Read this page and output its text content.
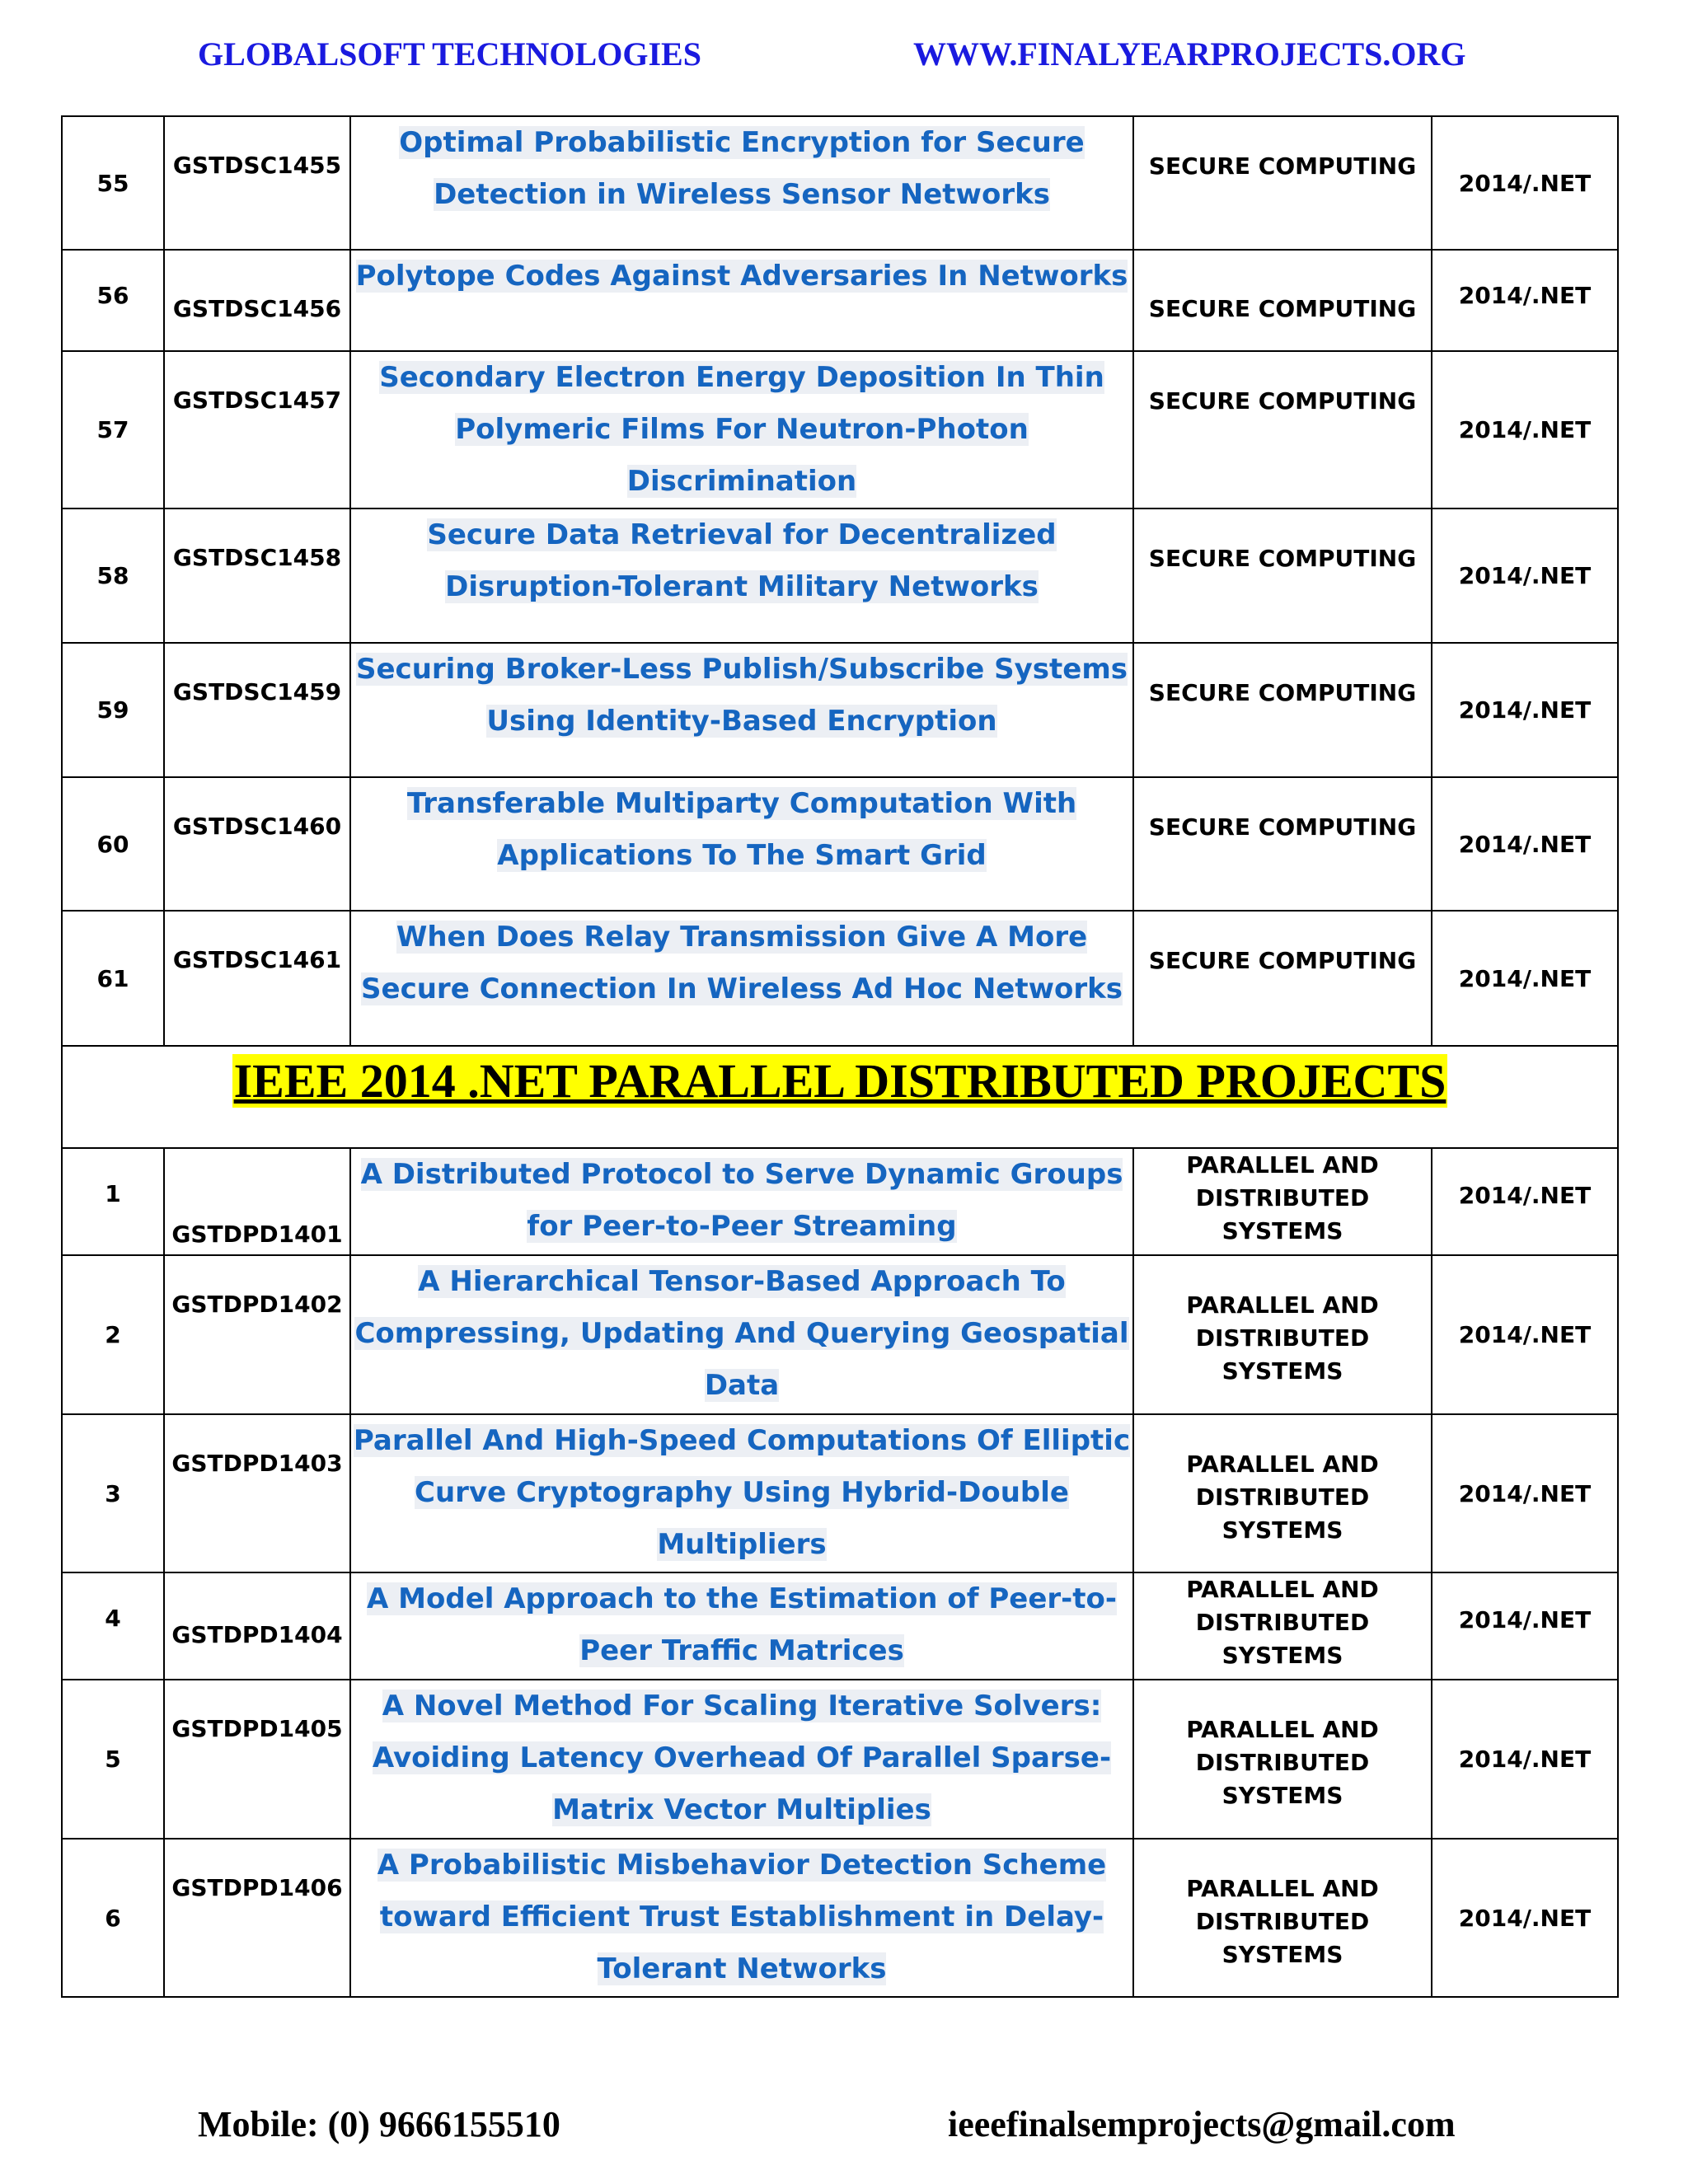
GLOBALSOFT TECHNOLOGIES	WWW.FINALYEARPROJECTS.ORG
55	GSTDSC1455	Optimal Probabilistic Encryption for Secure Detection in Wireless Sensor Networks	SECURE COMPUTING	2014/.NET
56	GSTDSC1456	Polytope Codes Against Adversaries In Networks	SECURE COMPUTING	2014/.NET
57	GSTDSC1457	Secondary Electron Energy Deposition In Thin Polymeric Films For Neutron-Photon Discrimination	SECURE COMPUTING	2014/.NET
58	GSTDSC1458	Secure Data Retrieval for Decentralized Disruption-Tolerant Military Networks	SECURE COMPUTING	2014/.NET
59	GSTDSC1459	Securing Broker-Less Publish/Subscribe Systems Using Identity-Based Encryption	SECURE COMPUTING	2014/.NET
60	GSTDSC1460	Transferable Multiparty Computation With Applications To The Smart Grid	SECURE COMPUTING	2014/.NET
61	GSTDSC1461	When Does Relay Transmission Give A More Secure Connection In Wireless Ad Hoc Networks	SECURE COMPUTING	2014/.NET
IEEE 2014 .NET PARALLEL DISTRIBUTED PROJECTS				
1	GSTDPD1401	A Distributed Protocol to Serve Dynamic Groups for Peer-to-Peer Streaming	PARALLEL AND DISTRIBUTED SYSTEMS	2014/.NET
2	GSTDPD1402	A Hierarchical Tensor-Based Approach To Compressing, Updating And Querying Geospatial Data	PARALLEL AND DISTRIBUTED SYSTEMS	2014/.NET
3	GSTDPD1403	Parallel And High-Speed Computations Of Elliptic Curve Cryptography Using Hybrid-Double Multipliers	PARALLEL AND DISTRIBUTED SYSTEMS	2014/.NET
4	GSTDPD1404	A Model Approach to the Estimation of Peer-to-Peer Traffic Matrices	PARALLEL AND DISTRIBUTED SYSTEMS	2014/.NET
5	GSTDPD1405	A Novel Method For Scaling Iterative Solvers: Avoiding Latency Overhead Of Parallel Sparse-Matrix Vector Multiplies	PARALLEL AND DISTRIBUTED SYSTEMS	2014/.NET
6	GSTDPD1406	A Probabilistic Misbehavior Detection Scheme toward Efficient Trust Establishment in Delay-Tolerant Networks	PARALLEL AND DISTRIBUTED SYSTEMS	2014/.NET
Mobile: (0) 9666155510	ieeefinalsemprojects@gmail.com
